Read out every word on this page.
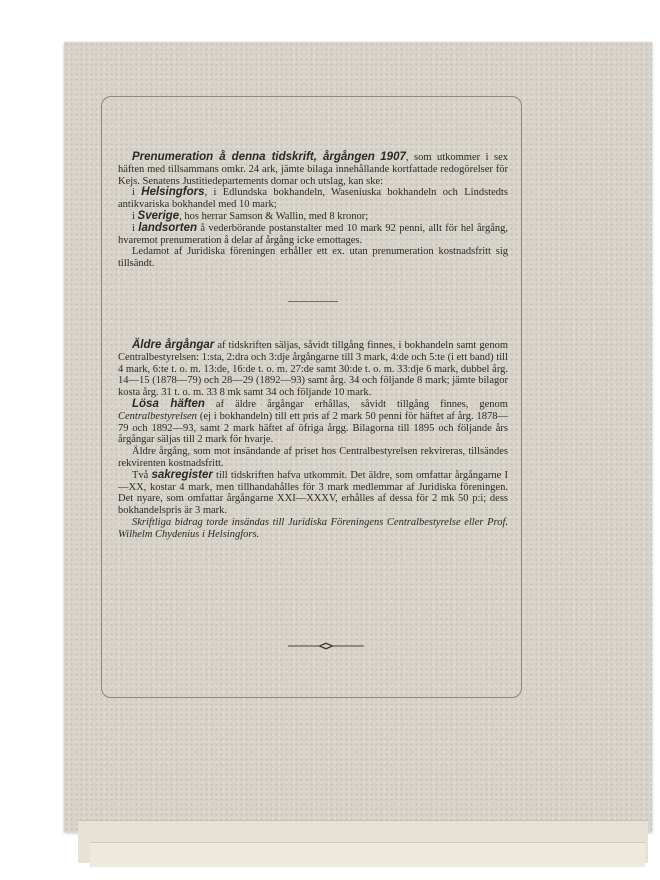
Prenumeration å denna tidskrift, årgången 1907, som utkommer i sex häften med tillsammans omkr. 24 ark, jämte bilaga innehållande kortfattade redogörelser för Kejs. Senatens Justitiedepartements domar och utslag, kan ske:

i Helsingfors, i Edlundska bokhandeln, Waseniuska bokhandeln och Lindstedts antikvariska bokhandel med 10 mark;

i Sverige, hos herrar Samson & Wallin, med 8 kronor;

i landsorten å vederbörande postanstalter med 10 mark 92 penni, allt för hel årgång, hvaremot prenumeration å delar af årgång icke emottages.

Ledamot af Juridiska föreningen erhåller ett ex. utan prenumeration kostnadsfritt sig tillsändt.

Äldre årgångar af tidskriften säljas, såvidt tillgång finnes, i bokhandeln samt genom Centralbestyrelsen: 1:sta, 2:dra och 3:dje årgångarne till 3 mark, 4:de och 5:te (i ett band) till 4 mark, 6:te t. o. m. 13:de, 16:de t. o. m. 27:de samt 30:de t. o. m. 33:dje 6 mark, dubbel årg. 14—15 (1878—79) och 28—29 (1892—93) samt årg. 34 och följande 8 mark; jämte bilagor kosta årg. 31 t. o. m. 33 8 mk samt 34 och följande 10 mark.

Lösa häften af äldre årgångar erhållas, såvidt tillgång finnes, genom Centralbestyrelsen (ej i bokhandeln) till ett pris af 2 mark 50 penni för häftet af årg. 1878—79 och 1892—93, samt 2 mark häftet af öfriga årgg. Bilagorna till 1895 och följande års årgångar säljas till 2 mark för hvarje.

Äldre årgång, som mot insändande af priset hos Centralbestyrelsen rekvireras, tillsändes rekvirenten kostnadsfritt.

Två sakregister till tidskriften hafva utkommit. Det äldre, som omfattar årgångarne I—XX, kostar 4 mark, men tillhandahålles för 3 mark medlemmar af Juridiska föreningen. Det nyare, som omfattar årgångarne XXI—XXXV, erhålles af dessa för 2 mk 50 p:i; dess bokhandelspris är 3 mark.

Skriftliga bidrag torde insändas till Juridiska Föreningens Centralbestyrelse eller Prof. Wilhelm Chydenius i Helsingfors.
